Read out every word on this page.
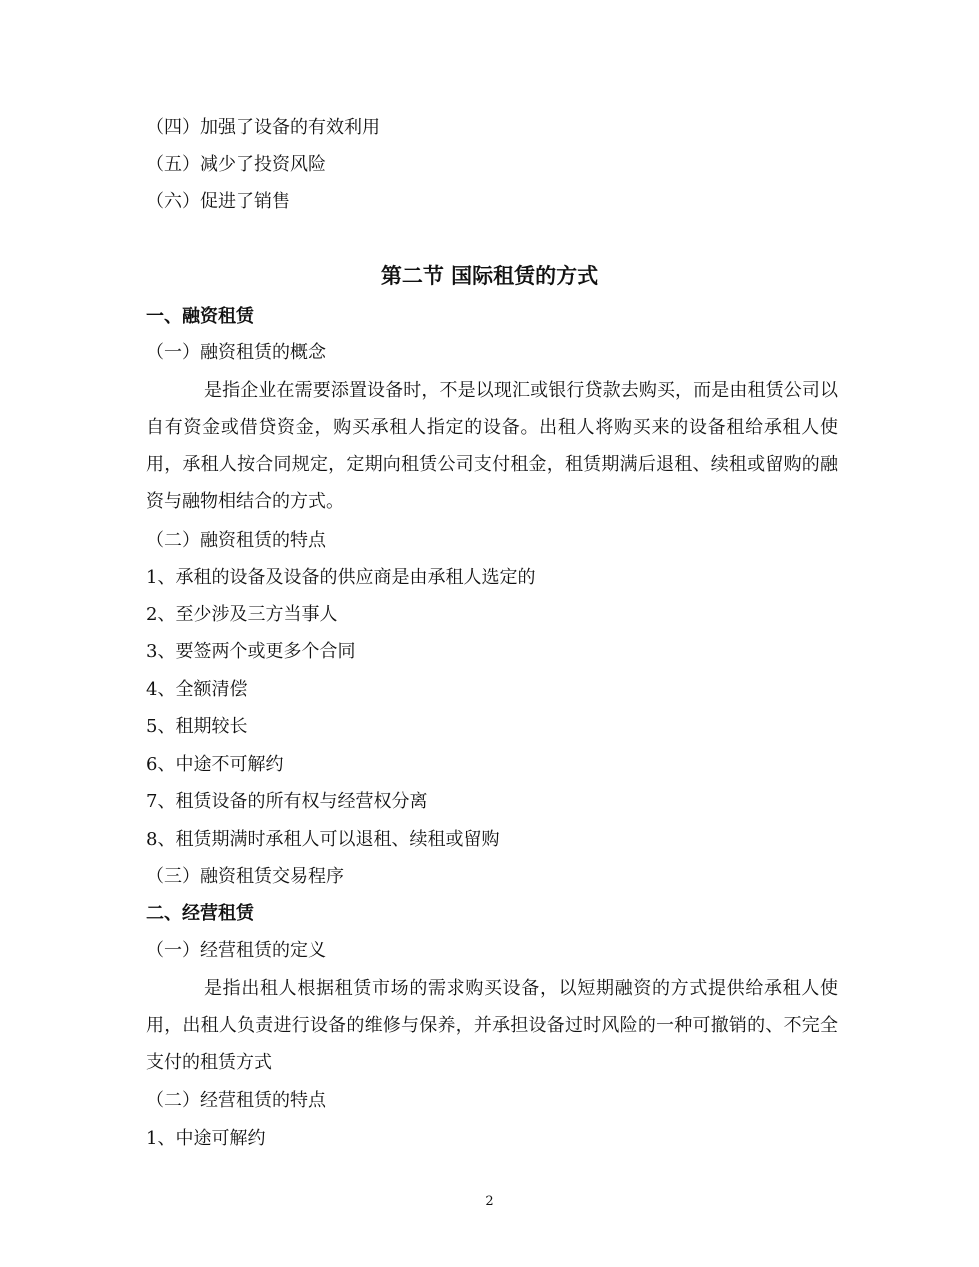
（四）加强了设备的有效利用
（五）减少了投资风险
（六）促进了销售
第二节 国际租赁的方式
一、融资租赁
（一）融资租赁的概念
是指企业在需要添置设备时，不是以现汇或银行贷款去购买，而是由租赁公司以自有资金或借贷资金，购买承租人指定的设备。出租人将购买来的设备租给承租人使用，承租人按合同规定，定期向租赁公司支付租金，租赁期满后退租、续租或留购的融资与融物相结合的方式。
（二）融资租赁的特点
1、承租的设备及设备的供应商是由承租人选定的
2、至少涉及三方当事人
3、要签两个或更多个合同
4、全额清偿
5、租期较长
6、中途不可解约
7、租赁设备的所有权与经营权分离
8、租赁期满时承租人可以退租、续租或留购
（三）融资租赁交易程序
二、经营租赁
（一）经营租赁的定义
是指出租人根据租赁市场的需求购买设备，以短期融资的方式提供给承租人使用，出租人负责进行设备的维修与保养，并承担设备过时风险的一种可撤销的、不完全支付的租赁方式
（二）经营租赁的特点
1、中途可解约
2
